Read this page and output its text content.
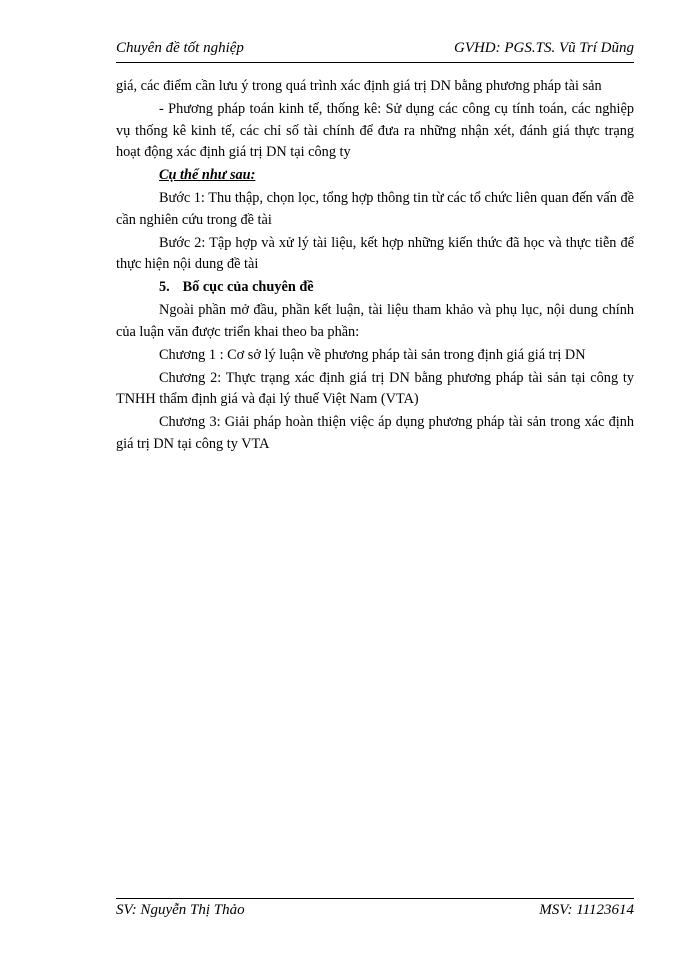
Chuyên đề tốt nghiệp	GVHD: PGS.TS. Vũ Trí Dũng

giá, các điểm cần lưu ý trong quá trình xác định giá trị DN bằng phương pháp tài sản

- Phương pháp toán kinh tế, thống kê: Sử dụng các công cụ tính toán, các nghiệp vụ thống kê kinh tế, các chỉ số tài chính để đưa ra những nhận xét, đánh giá thực trạng hoạt động xác định giá trị DN tại công ty

Cụ thể như sau:

Bước 1: Thu thập, chọn lọc, tổng hợp thông tin từ các tổ chức liên quan đến vấn đề cần nghiên cứu trong đề tài

Bước 2: Tập hợp và xử lý tài liệu, kết hợp những kiến thức đã học và thực tiễn để thực hiện nội dung đề tài

5. Bố cục của chuyên đề

Ngoài phần mở đầu, phần kết luận, tài liệu tham khảo và phụ lục, nội dung chính của luận văn được triển khai theo ba phần:

Chương 1 : Cơ sở lý luận về phương pháp tài sản trong định giá giá trị DN

Chương 2: Thực trạng xác định giá trị DN bằng phương pháp tài sản tại công ty TNHH thẩm định giá và đại lý thuế Việt Nam (VTA)

Chương 3: Giải pháp hoàn thiện việc áp dụng phương pháp tài sản trong xác định giá trị DN tại công ty VTA

SV: Nguyễn Thị Thảo	MSV: 11123614
